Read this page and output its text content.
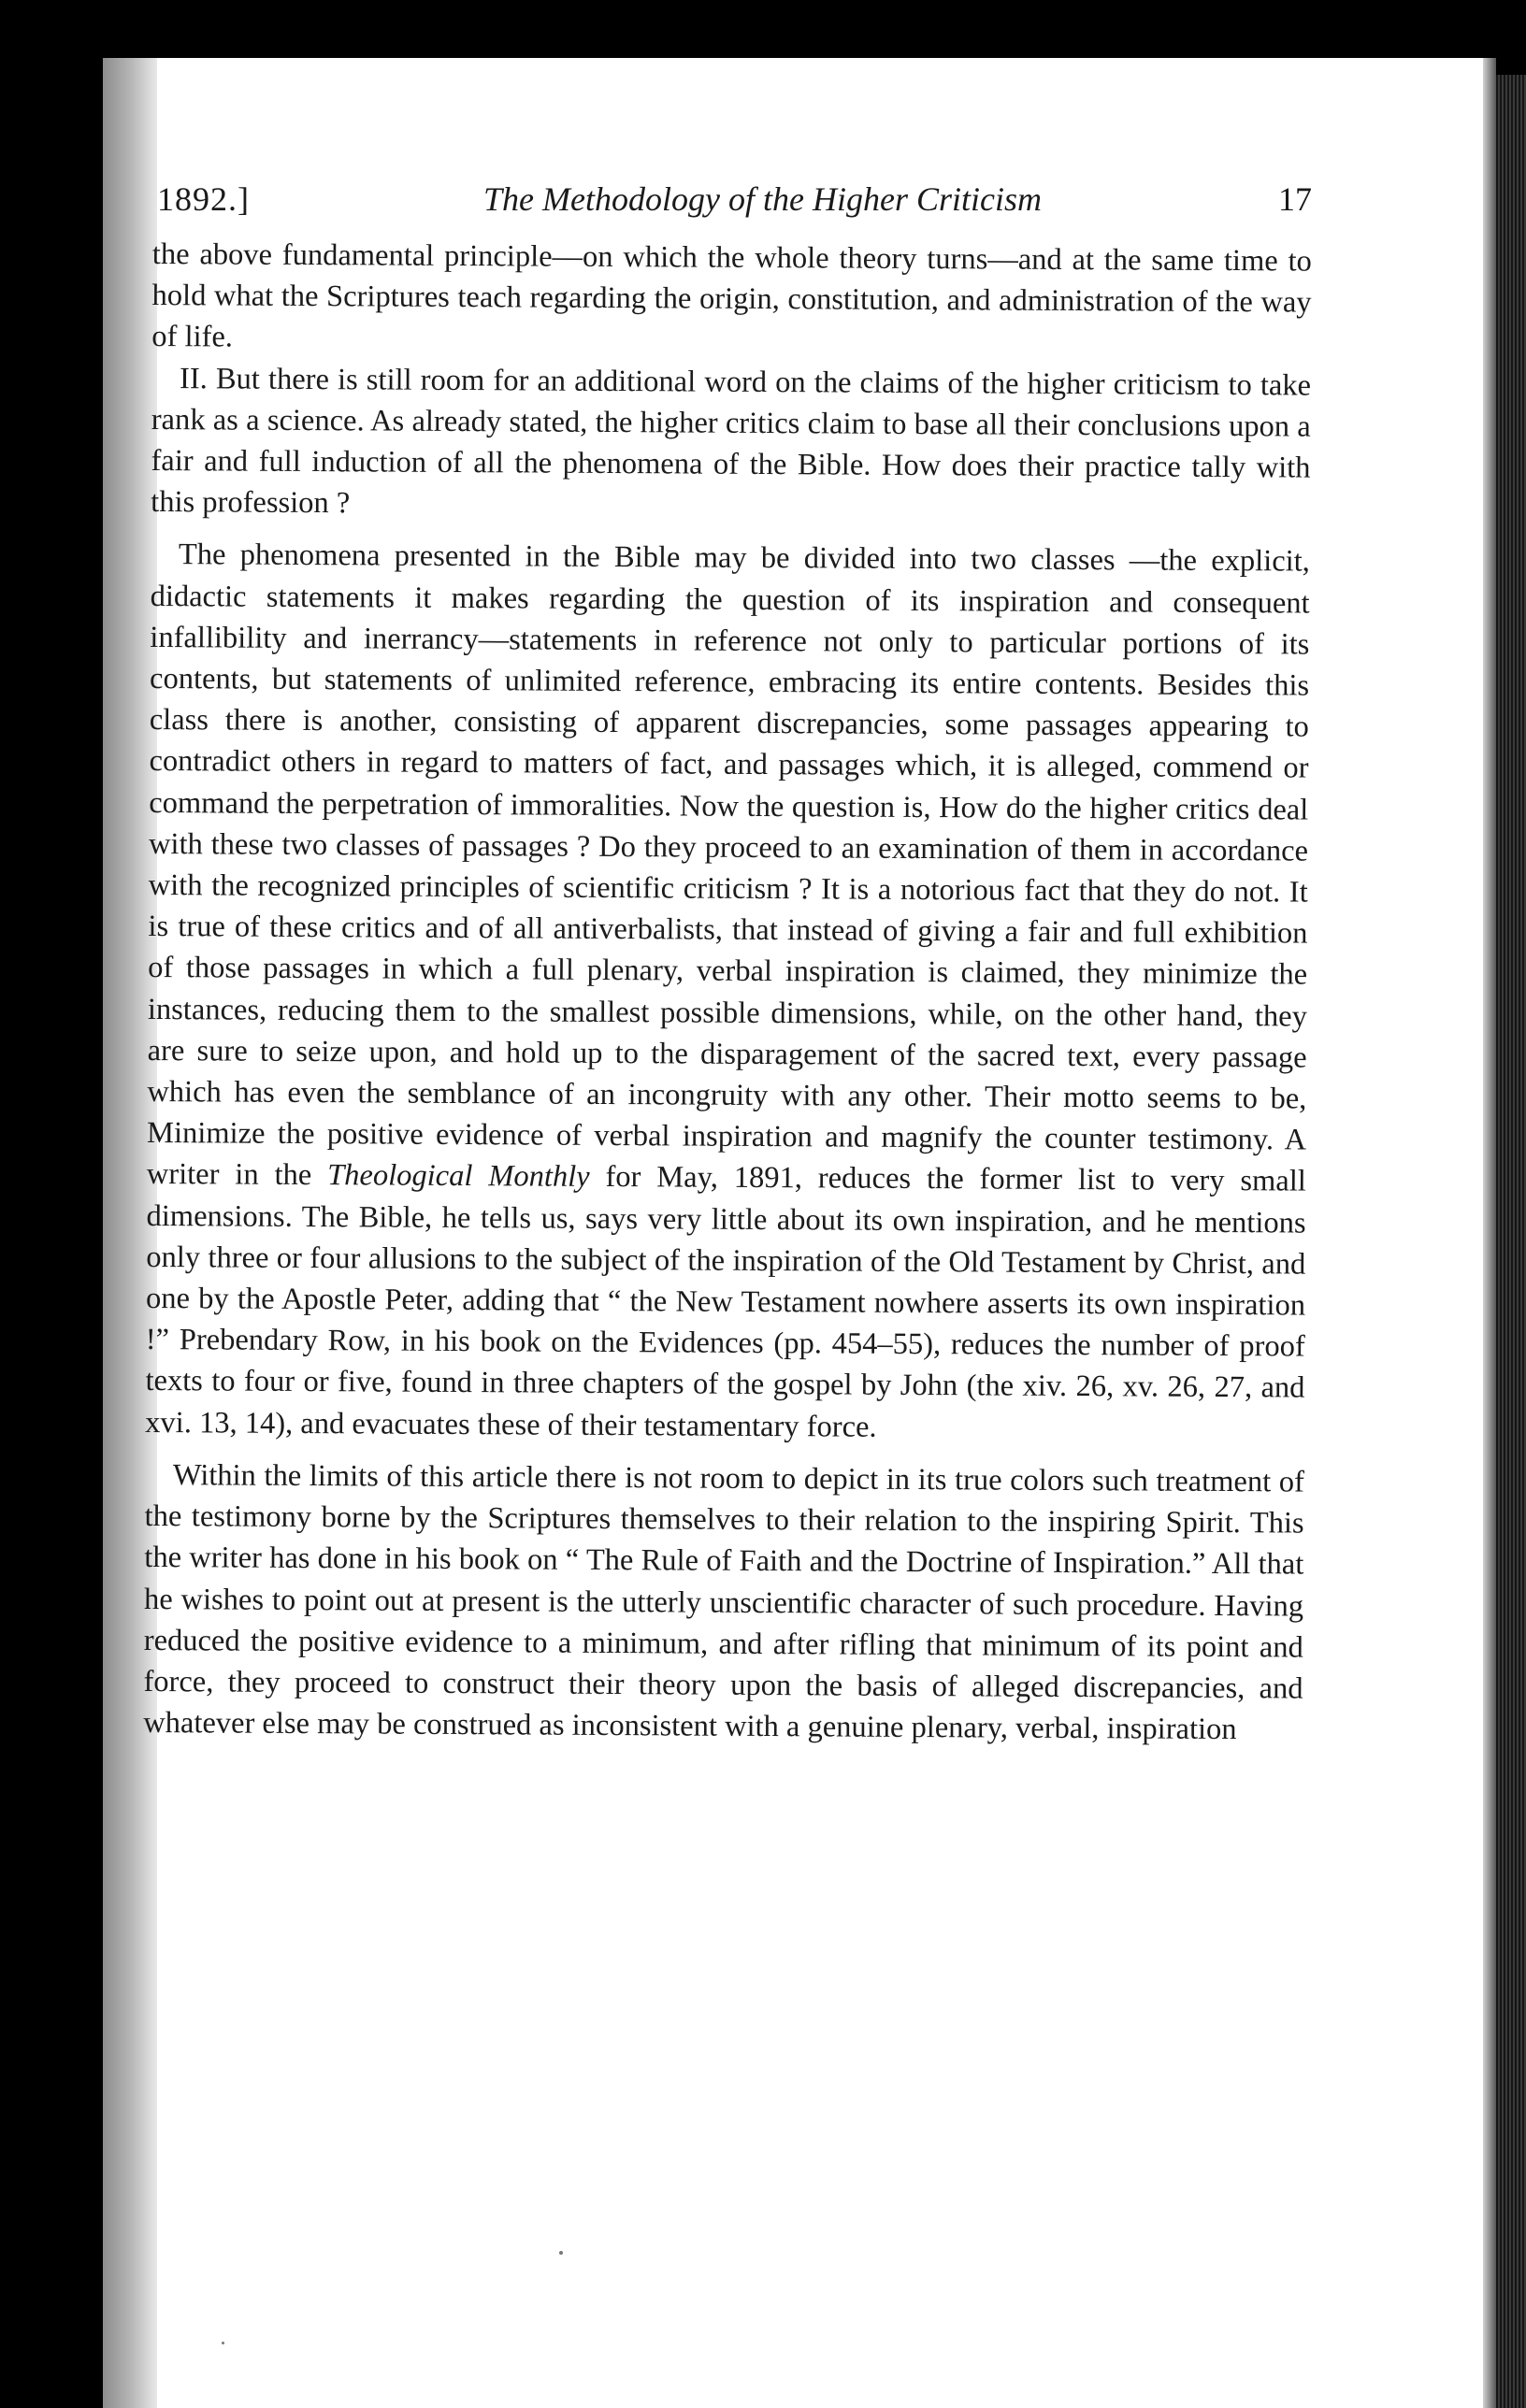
1892.]	The Methodology of the Higher Criticism	17

the above fundamental principle—on which the whole theory turns—and at the same time to hold what the Scriptures teach regarding the origin, constitution, and administration of the way of life.

II. But there is still room for an additional word on the claims of the higher criticism to take rank as a science. As already stated, the higher critics claim to base all their conclusions upon a fair and full induction of all the phenomena of the Bible. How does their practice tally with this profession ?

The phenomena presented in the Bible may be divided into two classes —the explicit, didactic statements it makes regarding the question of its inspiration and consequent infallibility and inerrancy—statements in reference not only to particular portions of its contents, but statements of unlimited reference, embracing its entire contents. Besides this class there is another, consisting of apparent discrepancies, some passages appearing to contradict others in regard to matters of fact, and passages which, it is alleged, commend or command the perpetration of immoralities. Now the question is, How do the higher critics deal with these two classes of passages ? Do they proceed to an examination of them in accordance with the recognized principles of scientific criticism ? It is a notorious fact that they do not. It is true of these critics and of all antiverbalists, that instead of giving a fair and full exhibition of those passages in which a full plenary, verbal inspiration is claimed, they minimize the instances, reducing them to the smallest possible dimensions, while, on the other hand, they are sure to seize upon, and hold up to the disparagement of the sacred text, every passage which has even the semblance of an incongruity with any other. Their motto seems to be, Minimize the positive evidence of verbal inspiration and magnify the counter testimony. A writer in the Theological Monthly for May, 1891, reduces the former list to very small dimensions. The Bible, he tells us, says very little about its own inspiration, and he mentions only three or four allusions to the subject of the inspiration of the Old Testament by Christ, and one by the Apostle Peter, adding that “ the New Testament nowhere asserts its own inspiration !” Prebendary Row, in his book on the Evidences (pp. 454–55), reduces the number of proof texts to four or five, found in three chapters of the gospel by John (the xiv. 26, xv. 26, 27, and xvi. 13, 14), and evacuates these of their testamentary force.

Within the limits of this article there is not room to depict in its true colors such treatment of the testimony borne by the Scriptures themselves to their relation to the inspiring Spirit. This the writer has done in his book on “ The Rule of Faith and the Doctrine of Inspiration.” All that he wishes to point out at present is the utterly unscientific character of such procedure. Having reduced the positive evidence to a minimum, and after rifling that minimum of its point and force, they proceed to construct their theory upon the basis of alleged discrepancies, and whatever else may be construed as inconsistent with a genuine plenary, verbal, inspiration
